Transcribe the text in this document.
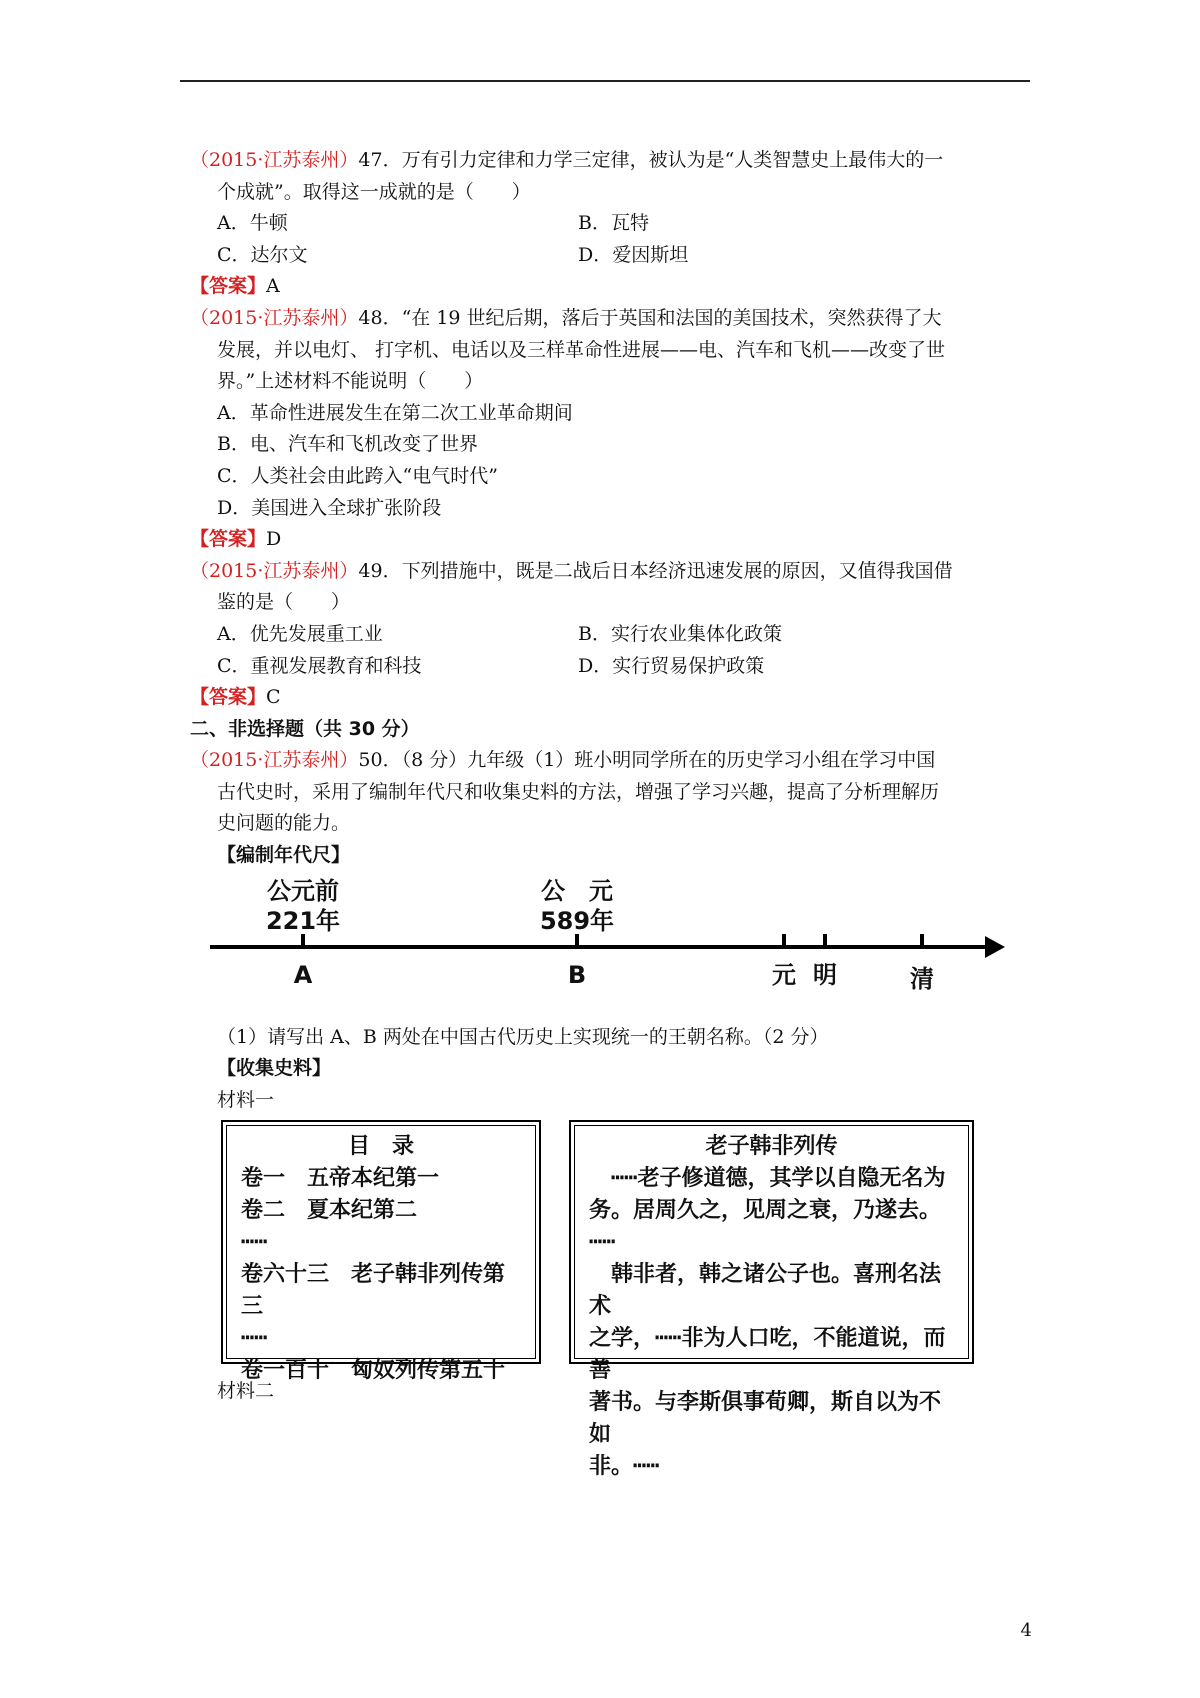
（2015·江苏泰州）47．万有引力定律和力学三定律，被认为是“人类智慧史上最伟大的一
个成就”。取得这一成就的是（　　）
A．牛顿	B．瓦特
C．达尔文	D．爱因斯坦
【答案】A
（2015·江苏泰州）48．“在 19 世纪后期，落后于英国和法国的美国技术，突然获得了大
发展，并以电灯、 打字机、电话以及三样革命性进展——电、汽车和飞机——改变了世
界。”上述材料不能说明（　　）
A．革命性进展发生在第二次工业革命期间
B．电、汽车和飞机改变了世界
C．人类社会由此跨入“电气时代”
D．美国进入全球扩张阶段
【答案】D
（2015·江苏泰州）49．下列措施中，既是二战后日本经济迅速发展的原因，又值得我国借
鉴的是（　　）
A．优先发展重工业	B．实行农业集体化政策
C．重视发展教育和科技	D．实行贸易保护政策
【答案】C
二、非选择题（共 30 分）
（2015·江苏泰州）50．（8 分）九年级（1）班小明同学所在的历史学习小组在学习中国
古代史时，采用了编制年代尺和收集史料的方法，增强了学习兴趣，提高了分析理解历
史问题的能力。
【编制年代尺】
公元前
221年
A
公　元
589年
B	元 明	清
（1）请写出 A、B 两处在中国古代历史上实现统一的王朝名称。（2 分）
【收集史料】
材料一
目　录
卷一　五帝本纪第一
卷二　夏本纪第二
┅┅
卷六十三　老子韩非列传第三
┅┅
卷一百十　匈奴列传第五十
老子韩非列传
　┅┅老子修道德，其学以自隐无名为
务。居周久之，见周之衰，乃遂去。┅┅
　韩非者，韩之诸公子也。喜刑名法术
之学，┅┅非为人口吃，不能道说，而善
著书。与李斯俱事荀卿，斯自以为不如
非。┅┅
材料二
4
